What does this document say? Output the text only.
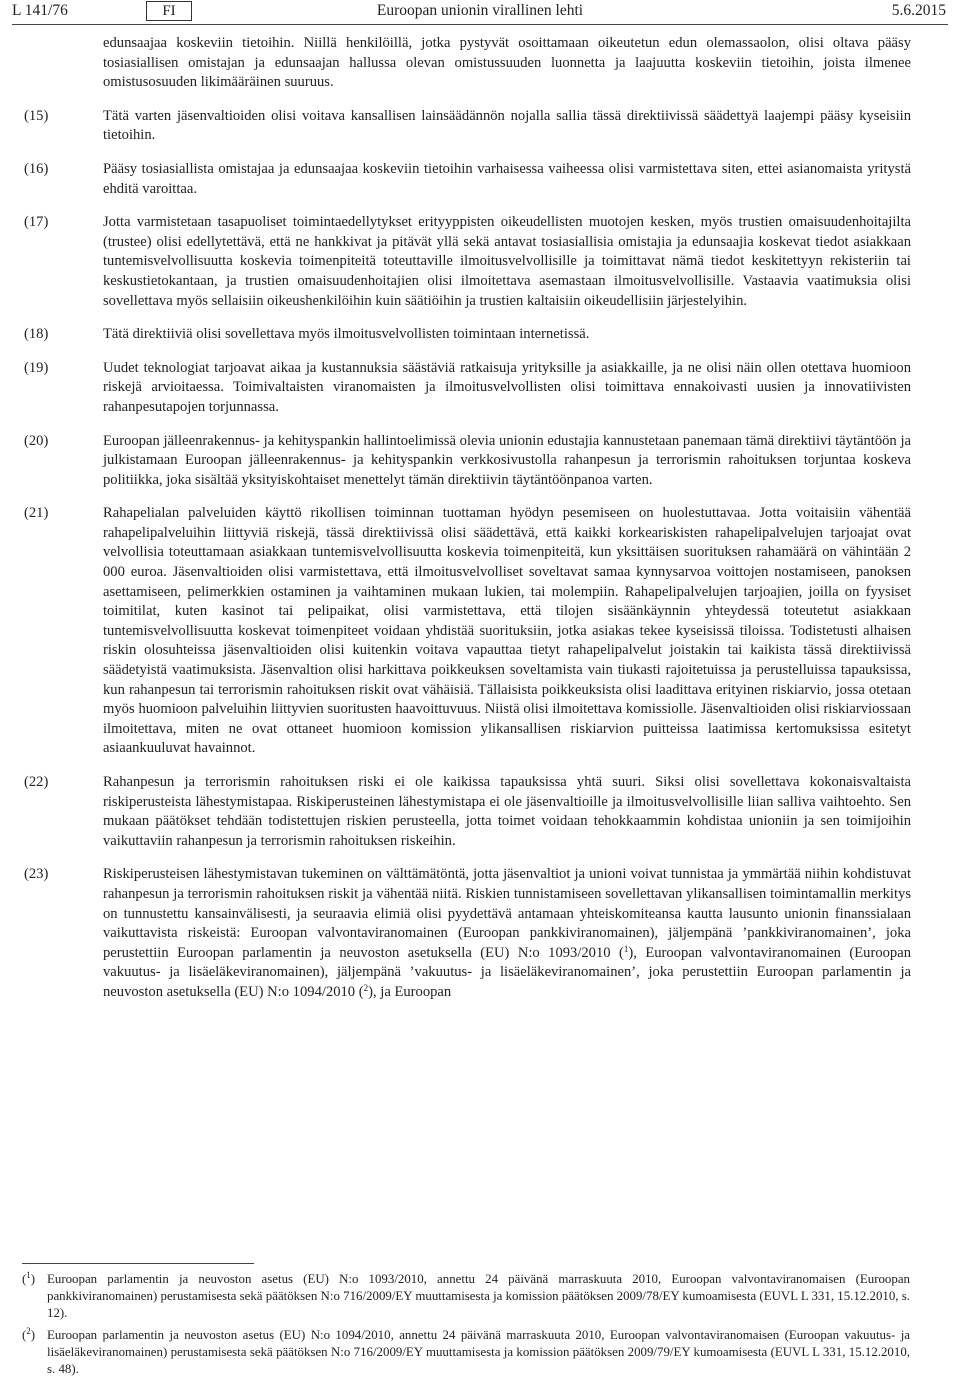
L 141/76	FI	Euroopan unionin virallinen lehti	5.6.2015
edunsaajaa koskeviin tietoihin. Niillä henkilöillä, jotka pystyvät osoittamaan oikeutetun edun olemassaolon, olisi oltava pääsy tosiasiallisen omistajan ja edunsaajan hallussa olevan omistussuuden luonnetta ja laajuutta koskeviin tietoihin, joista ilmenee omistusosuuden likimääräinen suuruus.
(15)	Tätä varten jäsenvaltioiden olisi voitava kansallisen lainsäädännön nojalla sallia tässä direktiivissä säädettyä laajempi pääsy kyseisiin tietoihin.
(16)	Pääsy tosiasiallista omistajaa ja edunsaajaa koskeviin tietoihin varhaisessa vaiheessa olisi varmistettava siten, ettei asianomaista yritystä ehditä varoittaa.
(17)	Jotta varmistetaan tasapuoliset toimintaedellytykset erityyppisten oikeudellisten muotojen kesken, myös trustien omaisuudenhoitajilta (trustee) olisi edellytettävä, että ne hankkivat ja pitävät yllä sekä antavat tosiasiallisia omistajia ja edunsaajia koskevat tiedot asiakkaan tuntemisvelvollisuutta koskevia toimenpiteitä toteuttaville ilmoitusvelvollisille ja toimittavat nämä tiedot keskitettyyn rekisteriin tai keskustietokantaan, ja trustien omaisuudenhoitajien olisi ilmoitettava asemastaan ilmoitusvelvollisille. Vastaavia vaatimuksia olisi sovellettava myös sellaisiin oikeushenkilöihin kuin säätiöihin ja trustien kaltaisiin oikeudellisiin järjestelyihin.
(18)	Tätä direktiiviä olisi sovellettava myös ilmoitusvelvollisten toimintaan internetissä.
(19)	Uudet teknologiat tarjoavat aikaa ja kustannuksia säästäviä ratkaisuja yrityksille ja asiakkaille, ja ne olisi näin ollen otettava huomioon riskejä arvioitaessa. Toimivaltaisten viranomaisten ja ilmoitusvelvollisten olisi toimittava ennakoivasti uusien ja innovatiivisten rahanpesutapojen torjunnassa.
(20)	Euroopan jälleenrakennus- ja kehityspankin hallintoelimissä olevia unionin edustajia kannustetaan panemaan tämä direktiivi täytäntöön ja julkistamaan Euroopan jälleenrakennus- ja kehityspankin verkkosivustolla rahanpesun ja terrorismin rahoituksen torjuntaa koskeva politiikka, joka sisältää yksityiskohtaiset menettelyt tämän direktiivin täytäntöönpanoa varten.
(21)	Rahapelialan palveluiden käyttö rikollisen toiminnan tuottaman hyödyn pesemiseen on huolestuttavaa. Jotta voitaisiin vähentää rahapelipalveluihin liittyviä riskejä, tässä direktiivissä olisi säädettävä, että kaikki korkeariskisten rahapelipalvelujen tarjoajat ovat velvollisia toteuttamaan asiakkaan tuntemisvelvollisuutta koskevia toimenpiteitä, kun yksittäisen suorituksen rahamäärä on vähintään 2 000 euroa. Jäsenvaltioiden olisi varmistettava, että ilmoitusvelvolliset soveltavat samaa kynnysarvoa voittojen nostamiseen, panoksen asettamiseen, pelimerkkien ostaminen ja vaihtaminen mukaan lukien, tai molempiin. Rahapelipalvelujen tarjoajien, joilla on fyysiset toimitilat, kuten kasinot tai pelipaikat, olisi varmistettava, että tilojen sisäänkäynnin yhteydessä toteutetut asiakkaan tuntemisvelvollisuutta koskevat toimenpiteet voidaan yhdistää suorituksiin, jotka asiakas tekee kyseisissä tiloissa. Todistetusti alhaisen riskin olosuhteissa jäsenvaltioiden olisi kuitenkin voitava vapauttaa tietyt rahapelipalvelut joistakin tai kaikista tässä direktiivissä säädetyistä vaatimuksista. Jäsenvaltion olisi harkittava poikkeuksen soveltamista vain tiukasti rajoitetuissa ja perustelluissa tapauksissa, kun rahanpesun tai terrorismin rahoituksen riskit ovat vähäisiä. Tällaisista poikkeuksista olisi laadittava erityinen riskiarvio, jossa otetaan myös huomioon palveluihin liittyvien suoritusten haavoittuvuus. Niistä olisi ilmoitettava komissiolle. Jäsenvaltioiden olisi riskiarviossaan ilmoitettava, miten ne ovat ottaneet huomioon komission ylikansallisen riskiarvion puitteissa laatimissa kertomuksissa esitetyt asiaankuuluvat havainnot.
(22)	Rahanpesun ja terrorismin rahoituksen riski ei ole kaikissa tapauksissa yhtä suuri. Siksi olisi sovellettava kokonaisvaltaista riskiperusteista lähestymistapaa. Riskiperusteinen lähestymistapa ei ole jäsenvaltioille ja ilmoitusvelvollisille liian salliva vaihtoehto. Sen mukaan päätökset tehdään todistettujen riskien perusteella, jotta toimet voidaan tehokkaammin kohdistaa unioniin ja sen toimijoihin vaikuttaviin rahanpesun ja terrorismin rahoituksen riskeihin.
(23)	Riskiperusteisen lähestymistavan tukeminen on välttämätöntä, jotta jäsenvaltiot ja unioni voivat tunnistaa ja ymmärtää niihin kohdistuvat rahanpesun ja terrorismin rahoituksen riskit ja vähentää niitä. Riskien tunnistamiseen sovellettavan ylikansallisen toimintamallin merkitys on tunnustettu kansainvälisesti, ja seuraavia elimiä olisi pyydettävä antamaan yhteiskomiteansa kautta lausunto unionin finanssialaan vaikuttavista riskeistä: Euroopan valvontaviranomainen (Euroopan pankkiviranomainen), jäljempänä ’pankkiviranomainen’, joka perustettiin Euroopan parlamentin ja neuvoston asetuksella (EU) N:o 1093/2010 ($^1$), Euroopan valvontaviranomainen (Euroopan vakuutus- ja lisäeläkeviranomainen), jäljempänä ’vakuutus- ja lisäeläkeviranomainen’, joka perustettiin Euroopan parlamentin ja neuvoston asetuksella (EU) N:o 1094/2010 ($^2$), ja Euroopan
($^1$) Euroopan parlamentin ja neuvoston asetus (EU) N:o 1093/2010, annettu 24 päivänä marraskuuta 2010, Euroopan valvontaviranomaisen (Euroopan pankkiviranomainen) perustamisesta sekä päätöksen N:o 716/2009/EY muuttamisesta ja komission päätöksen 2009/78/EY kumoamisesta (EUVL L 331, 15.12.2010, s. 12).
($^2$) Euroopan parlamentin ja neuvoston asetus (EU) N:o 1094/2010, annettu 24 päivänä marraskuuta 2010, Euroopan valvontaviranomaisen (Euroopan vakuutus- ja lisäeläkeviranomainen) perustamisesta sekä päätöksen N:o 716/2009/EY muuttamisesta ja komission päätöksen 2009/79/EY kumoamisesta (EUVL L 331, 15.12.2010, s. 48).
